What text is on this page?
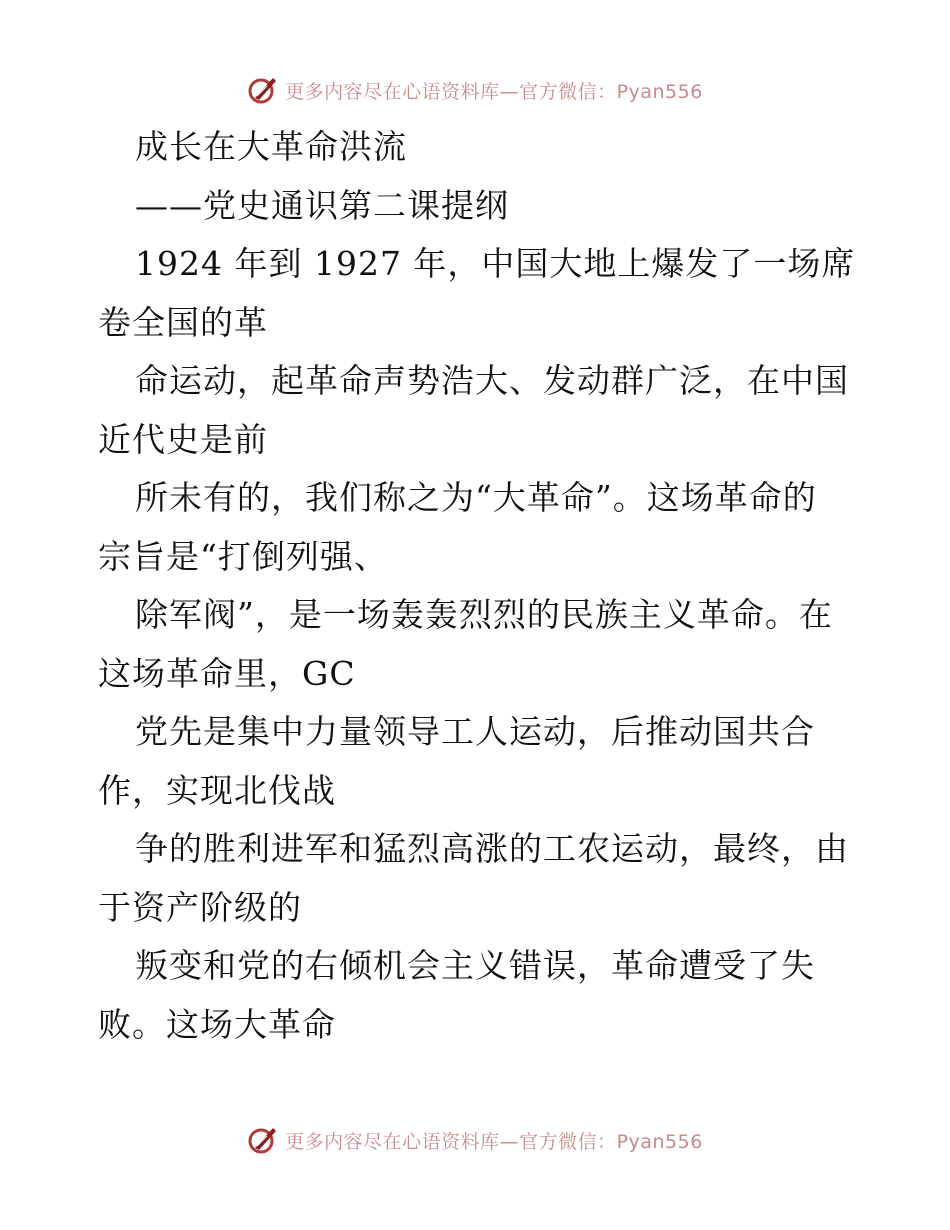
更多内容尽在心语资料库—官方微信：Pyan556
成长在大革命洪流
——党史通识第二课提纲
1924 年到 1927 年，中国大地上爆发了一场席
卷全国的革
命运动，起革命声势浩大、发动群广泛，在中国
近代史是前
所未有的，我们称之为“大革命”。这场革命的
宗旨是“打倒列强、
除军阀”，是一场轰轰烈烈的民族主义革命。在
这场革命里，GC
党先是集中力量领导工人运动，后推动国共合
作，实现北伐战
争的胜利进军和猛烈高涨的工农运动，最终，由
于资产阶级的
叛变和党的右倾机会主义错误，革命遭受了失
败。这场大革命
更多内容尽在心语资料库—官方微信：Pyan556
